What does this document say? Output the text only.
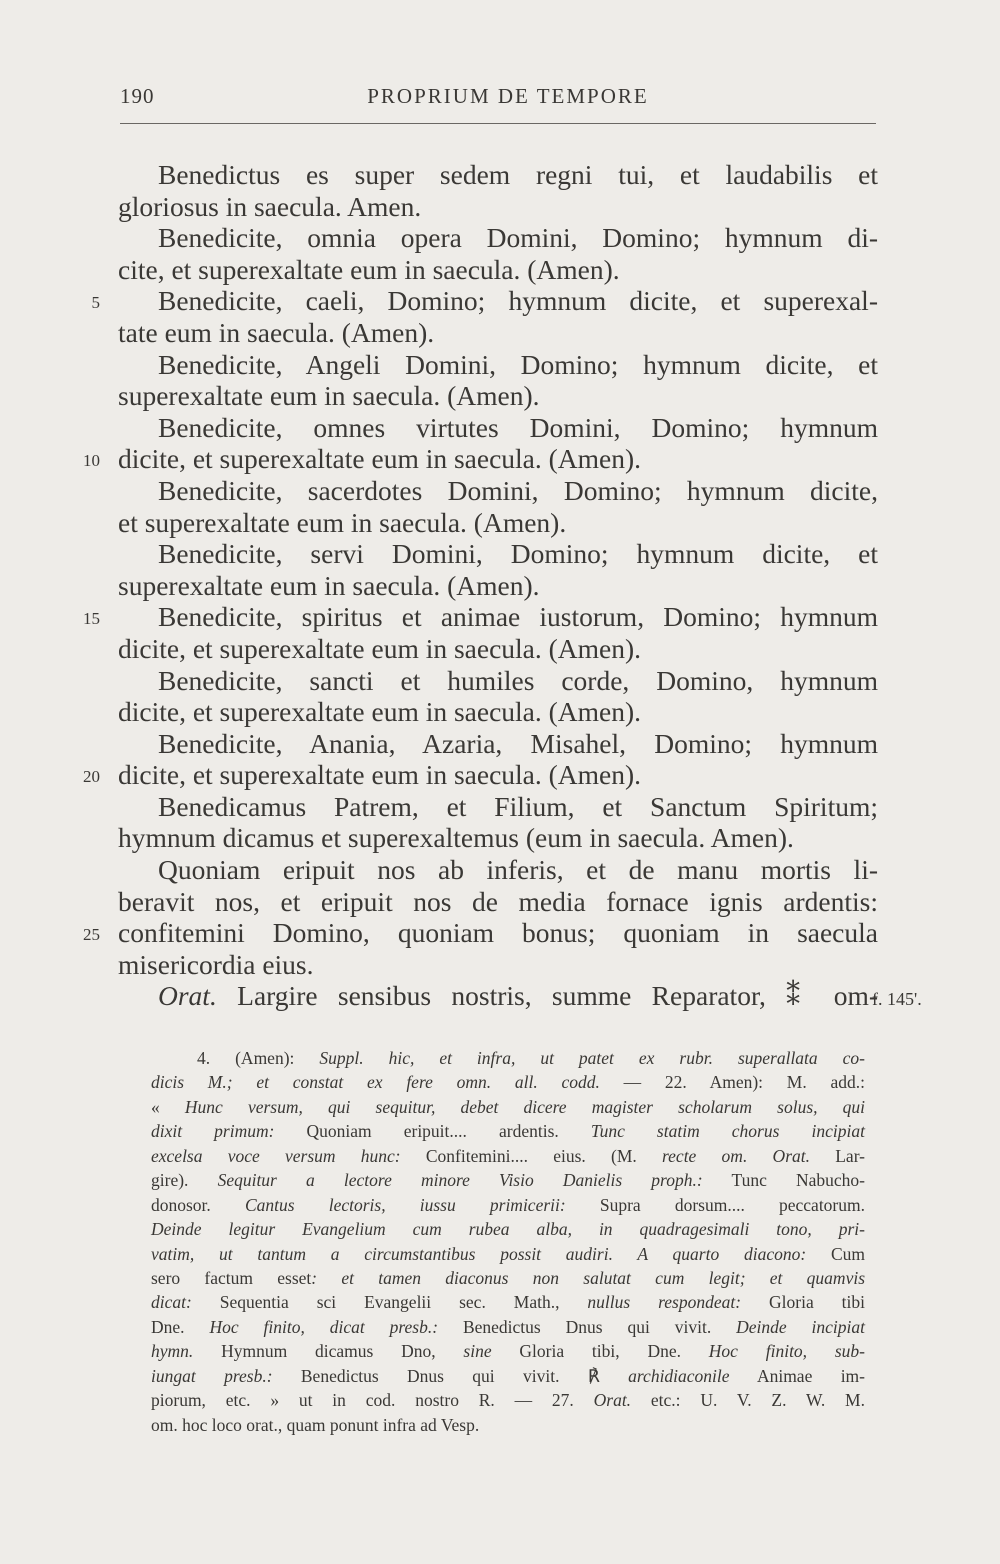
190	PROPRIUM DE TEMPORE
Benedictus es super sedem regni tui, et laudabilis et
gloriosus in saecula. Amen.
Benedicite, omnia opera Domini, Domino; hymnum di-
cite, et superexaltate eum in saecula. (Amen).
Benedicite, caeli, Domino; hymnum dicite, et superexal-
5
tate eum in saecula. (Amen).
Benedicite, Angeli Domini, Domino; hymnum dicite, et
superexaltate eum in saecula. (Amen).
Benedicite, omnes virtutes Domini, Domino; hymnum
dicite, et superexaltate eum in saecula. (Amen).
10
Benedicite, sacerdotes Domini, Domino; hymnum dicite,
et superexaltate eum in saecula. (Amen).
Benedicite, servi Domini, Domino; hymnum dicite, et
superexaltate eum in saecula. (Amen).
Benedicite, spiritus et animae iustorum, Domino; hymnum
15
dicite, et superexaltate eum in saecula. (Amen).
Benedicite, sancti et humiles corde, Domino, hymnum
dicite, et superexaltate eum in saecula. (Amen).
Benedicite, Anania, Azaria, Misahel, Domino; hymnum
dicite, et superexaltate eum in saecula. (Amen).
20
Benedicamus Patrem, et Filium, et Sanctum Spiritum;
hymnum dicamus et superexaltemus (eum in saecula. Amen).
Quoniam eripuit nos ab inferis, et de manu mortis li-
beravit nos, et eripuit nos de media fornace ignis ardentis:
confitemini Domino, quoniam bonus; quoniam in saecula
25
misericordia eius.
Orat. Largire sensibus nostris, summe Reparator, ⁑ om-
f. 145'.
4. (Amen): Suppl. hic, et infra, ut patet ex rubr. superallata co-
dicis M.; et constat ex fere omn. all. codd. — 22. Amen): M. add.:
« Hunc versum, qui sequitur, debet dicere magister scholarum solus, qui
dixit primum: Quoniam eripuit.... ardentis. Tunc statim chorus incipiat
excelsa voce versum hunc: Confitemini.... eius. (M. recte om. Orat. Lar-
gire). Sequitur a lectore minore Visio Danielis proph.: Tunc Nabucho-
donosor. Cantus lectoris, iussu primicerii: Supra dorsum.... peccatorum.
Deinde legitur Evangelium cum rubea alba, in quadragesimali tono, pri-
vatim, ut tantum a circumstantibus possit audiri. A quarto diacono: Cum
sero factum esset: et tamen diaconus non salutat cum legit; et quamvis
dicat: Sequentia sci Evangelii sec. Math., nullus respondeat: Gloria tibi
Dne. Hoc finito, dicat presb.: Benedictus Dnus qui vivit. Deinde incipiat
hymn. Hymnum dicamus Dno, sine Gloria tibi, Dne. Hoc finito, sub-
iungat presb.: Benedictus Dnus qui vivit. ℟ archidiaconile Animae im-
piorum, etc. » ut in cod. nostro R. — 27. Orat. etc.: U. V. Z. W. M.
om. hoc loco orat., quam ponunt infra ad Vesp.
